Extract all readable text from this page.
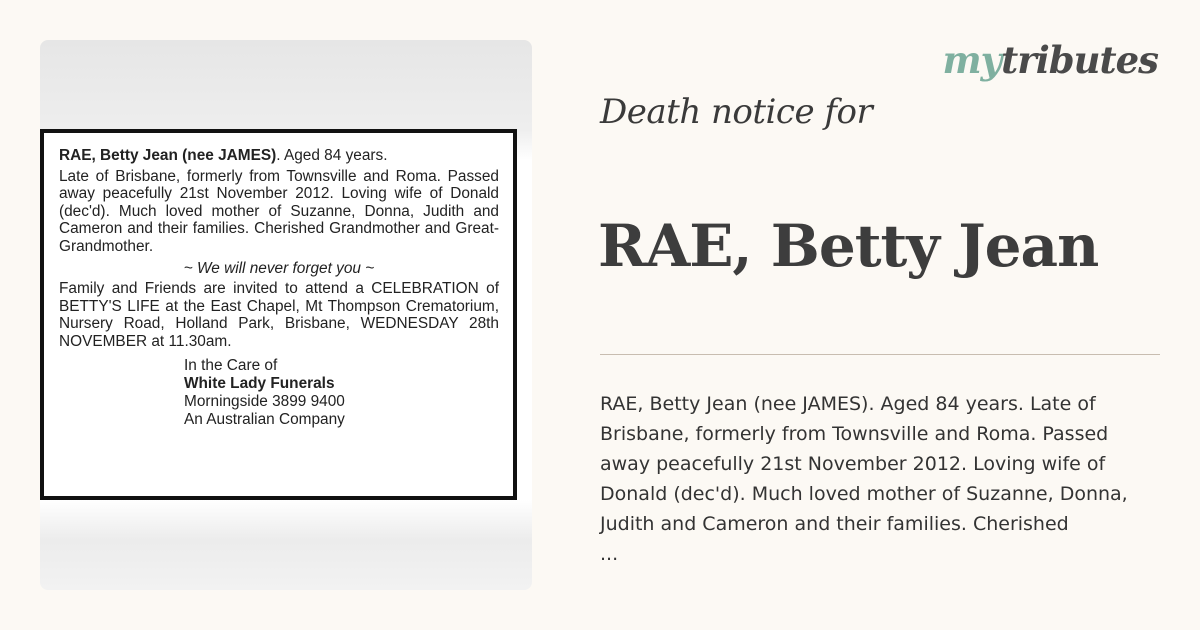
RAE, Betty Jean (nee JAMES). Aged 84 years.
Late of Brisbane, formerly from Townsville and Roma. Passed away peacefully 21st November 2012. Loving wife of Donald (dec'd). Much loved mother of Suzanne, Donna, Judith and Cameron and their families. Cherished Grandmother and Great-Grandmother.
~ We will never forget you ~
Family and Friends are invited to attend a CELEBRATION of BETTY'S LIFE at the East Chapel, Mt Thompson Crematorium, Nursery Road, Holland Park, Brisbane, WEDNESDAY 28th NOVEMBER at 11.30am.
In the Care of
White Lady Funerals
Morningside 3899 9400
An Australian Company
mytributes
Death notice for
RAE, Betty Jean
RAE, Betty Jean (nee JAMES). Aged 84 years. Late of
Brisbane, formerly from Townsville and Roma. Passed
away peacefully 21st November 2012. Loving wife of
Donald (dec'd). Much loved mother of Suzanne, Donna,
Judith and Cameron and their families. Cherished
...
